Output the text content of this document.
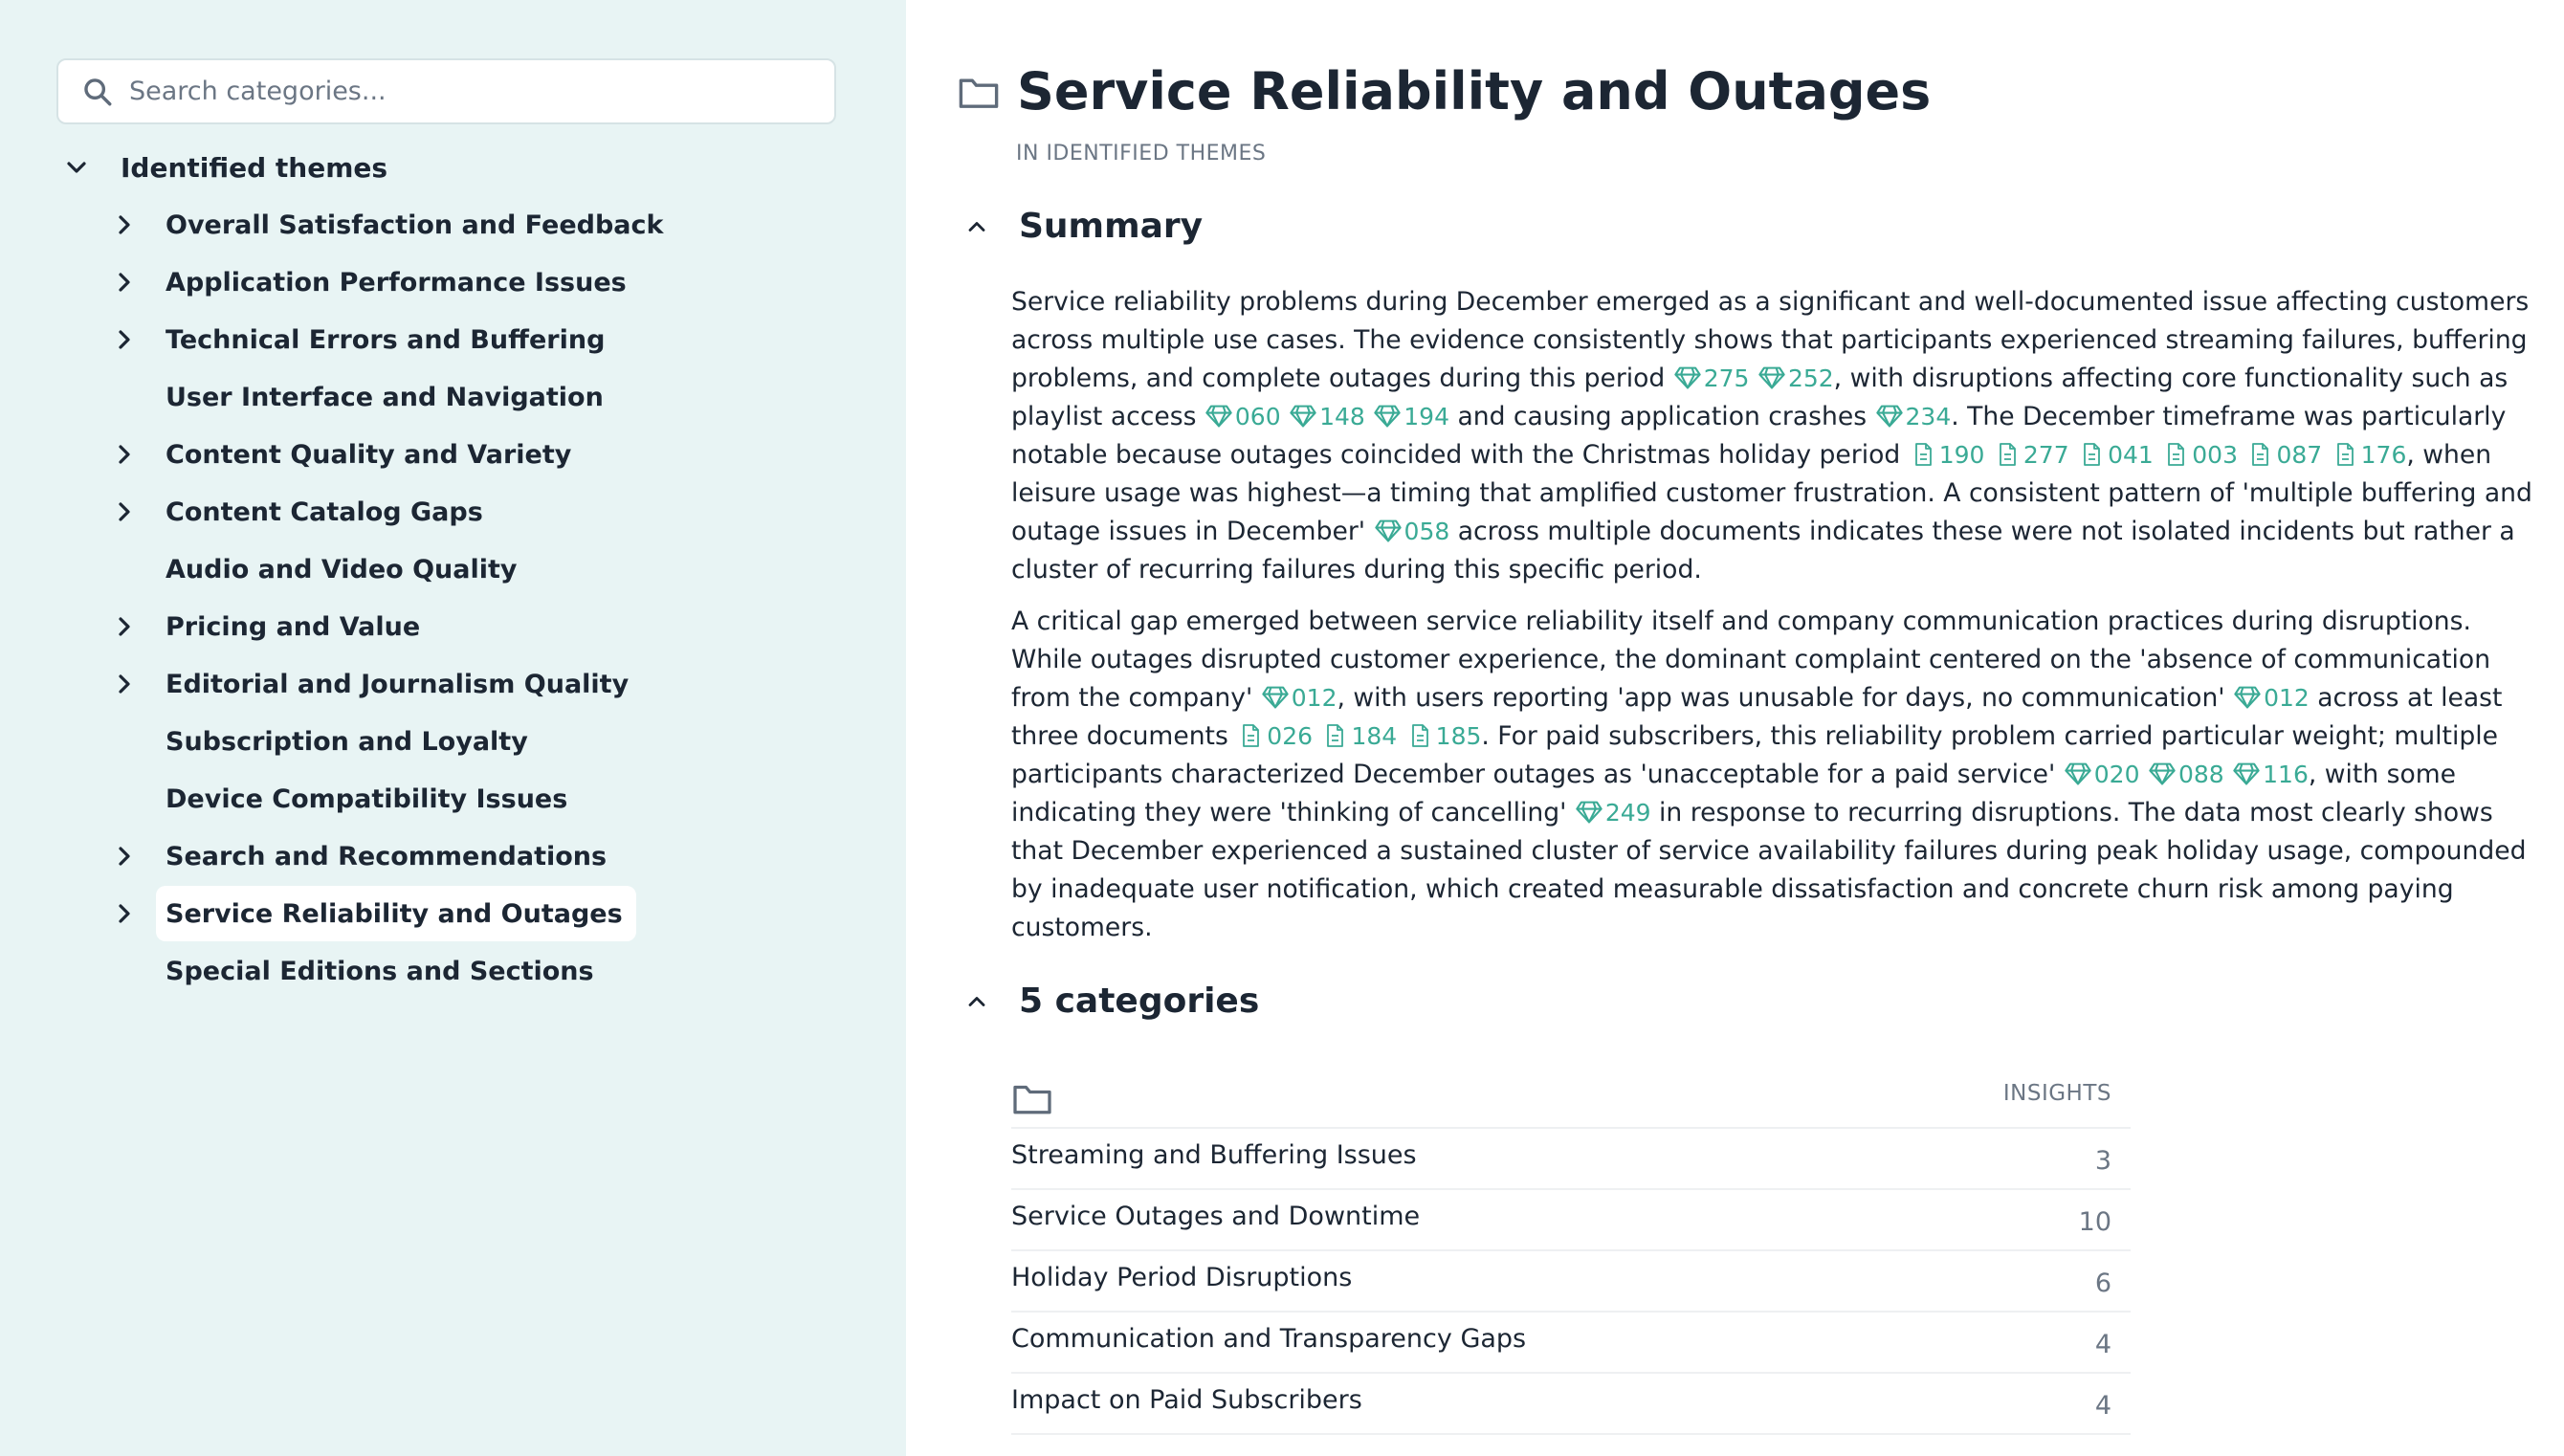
Search categories...
Identified themes
Overall Satisfaction and Feedback
Application Performance Issues
Technical Errors and Buffering
User Interface and Navigation
Content Quality and Variety
Content Catalog Gaps
Audio and Video Quality
Pricing and Value
Editorial and Journalism Quality
Subscription and Loyalty
Device Compatibility Issues
Search and Recommendations
Service Reliability and Outages
Special Editions and Sections
Service Reliability and Outages
IN IDENTIFIED THEMES
Summary

Service reliability problems during December emerged as a significant and well-documented issue affecting customers across multiple use cases. The evidence consistently shows that participants experienced streaming failures, buffering problems, and complete outages during this period 275 252, with disruptions affecting core functionality such as playlist access 060 148 194 and causing application crashes 234. The December timeframe was particularly notable because outages coincided with the Christmas holiday period 190 277 041 003 087 176, when leisure usage was highest—a timing that amplified customer frustration. A consistent pattern of 'multiple buffering and outage issues in December' 058 across multiple documents indicates these were not isolated incidents but rather a cluster of recurring failures during this specific period.

A critical gap emerged between service reliability itself and company communication practices during disruptions. While outages disrupted customer experience, the dominant complaint centered on the 'absence of communication from the company' 012, with users reporting 'app was unusable for days, no communication' 012 across at least three documents 026 184 185. For paid subscribers, this reliability problem carried particular weight; multiple participants characterized December outages as 'unacceptable for a paid service' 020 088 116, with some indicating they were 'thinking of cancelling' 249 in response to recurring disruptions. The data most clearly shows that December experienced a sustained cluster of service availability failures during peak holiday usage, compounded by inadequate user notification, which created measurable dissatisfaction and concrete churn risk among paying customers.

5 categories
INSIGHTS
Streaming and Buffering Issues	3
Service Outages and Downtime	10
Holiday Period Disruptions	6
Communication and Transparency Gaps	4
Impact on Paid Subscribers	4
